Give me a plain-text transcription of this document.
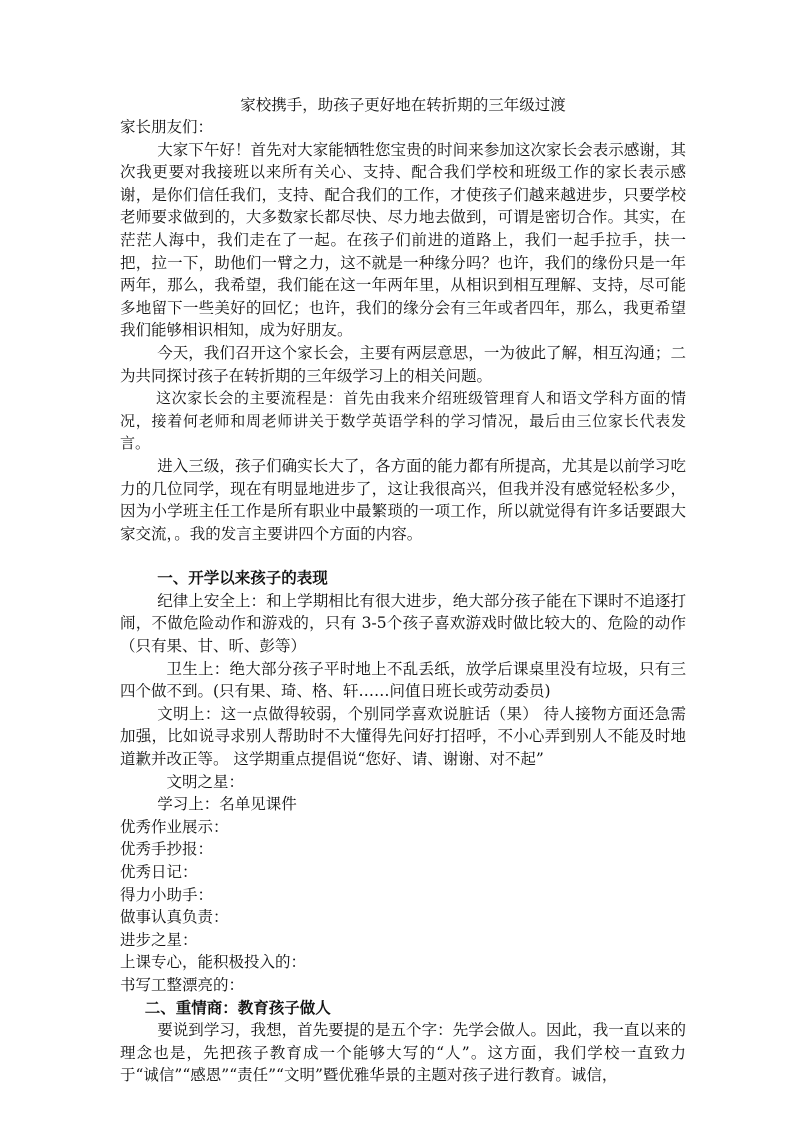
家校携手，助孩子更好地在转折期的三年级过渡

家长朋友们：

大家下午好！首先对大家能牺牲您宝贵的时间来参加这次家长会表示感谢，其次我更要对我接班以来所有关心、支持、配合我们学校和班级工作的家长表示感谢，是你们信任我们，支持、配合我们的工作，才使孩子们越来越进步，只要学校老师要求做到的，大多数家长都尽快、尽力地去做到，可谓是密切合作。其实，在茫茫人海中，我们走在了一起。在孩子们前进的道路上，我们一起手拉手，扶一把，拉一下，助他们一臂之力，这不就是一种缘分吗？也许，我们的缘份只是一年两年，那么，我希望，我们能在这一年两年里，从相识到相互理解、支持，尽可能多地留下一些美好的回忆；也许，我们的缘分会有三年或者四年，那么，我更希望我们能够相识相知，成为好朋友。

今天，我们召开这个家长会，主要有两层意思，一为彼此了解，相互沟通；二为共同探讨孩子在转折期的三年级学习上的相关问题。

这次家长会的主要流程是：首先由我来介绍班级管理育人和语文学科方面的情况，接着何老师和周老师讲关于数学英语学科的学习情况，最后由三位家长代表发言。

进入三级，孩子们确实长大了，各方面的能力都有所提高，尤其是以前学习吃力的几位同学，现在有明显地进步了，这让我很高兴，但我并没有感觉轻松多少，因为小学班主任工作是所有职业中最繁琐的一项工作，所以就觉得有许多话要跟大家交流，。我的发言主要讲四个方面的内容。

一、开学以来孩子的表现

纪律上安全上：和上学期相比有很大进步，绝大部分孩子能在下课时不追逐打闹，不做危险动作和游戏的，只有 3-5个孩子喜欢游戏时做比较大的、危险的动作（只有果、甘、昕、彭等）

卫生上：绝大部分孩子平时地上不乱丢纸，放学后课桌里没有垃圾，只有三四个做不到。(只有果、琦、格、轩……问值日班长或劳动委员)

文明上：这一点做得较弱，个别同学喜欢说脏话（果） 待人接物方面还急需加强，比如说寻求别人帮助时不大懂得先问好打招呼，不小心弄到别人不能及时地道歉并改正等。 这学期重点提倡说“您好、请、谢谢、对不起”

文明之星：

学习上：名单见课件

优秀作业展示：

优秀手抄报：

优秀日记：

得力小助手：

做事认真负责：

进步之星：

上课专心，能积极投入的：

书写工整漂亮的：

二、重情商：教育孩子做人

要说到学习，我想，首先要提的是五个字：先学会做人。因此，我一直以来的理念也是，先把孩子教育成一个能够大写的“人”。这方面，我们学校一直致力于“诚信”“感恩”“责任”“文明”暨优雅华景的主题对孩子进行教育。诚信，
